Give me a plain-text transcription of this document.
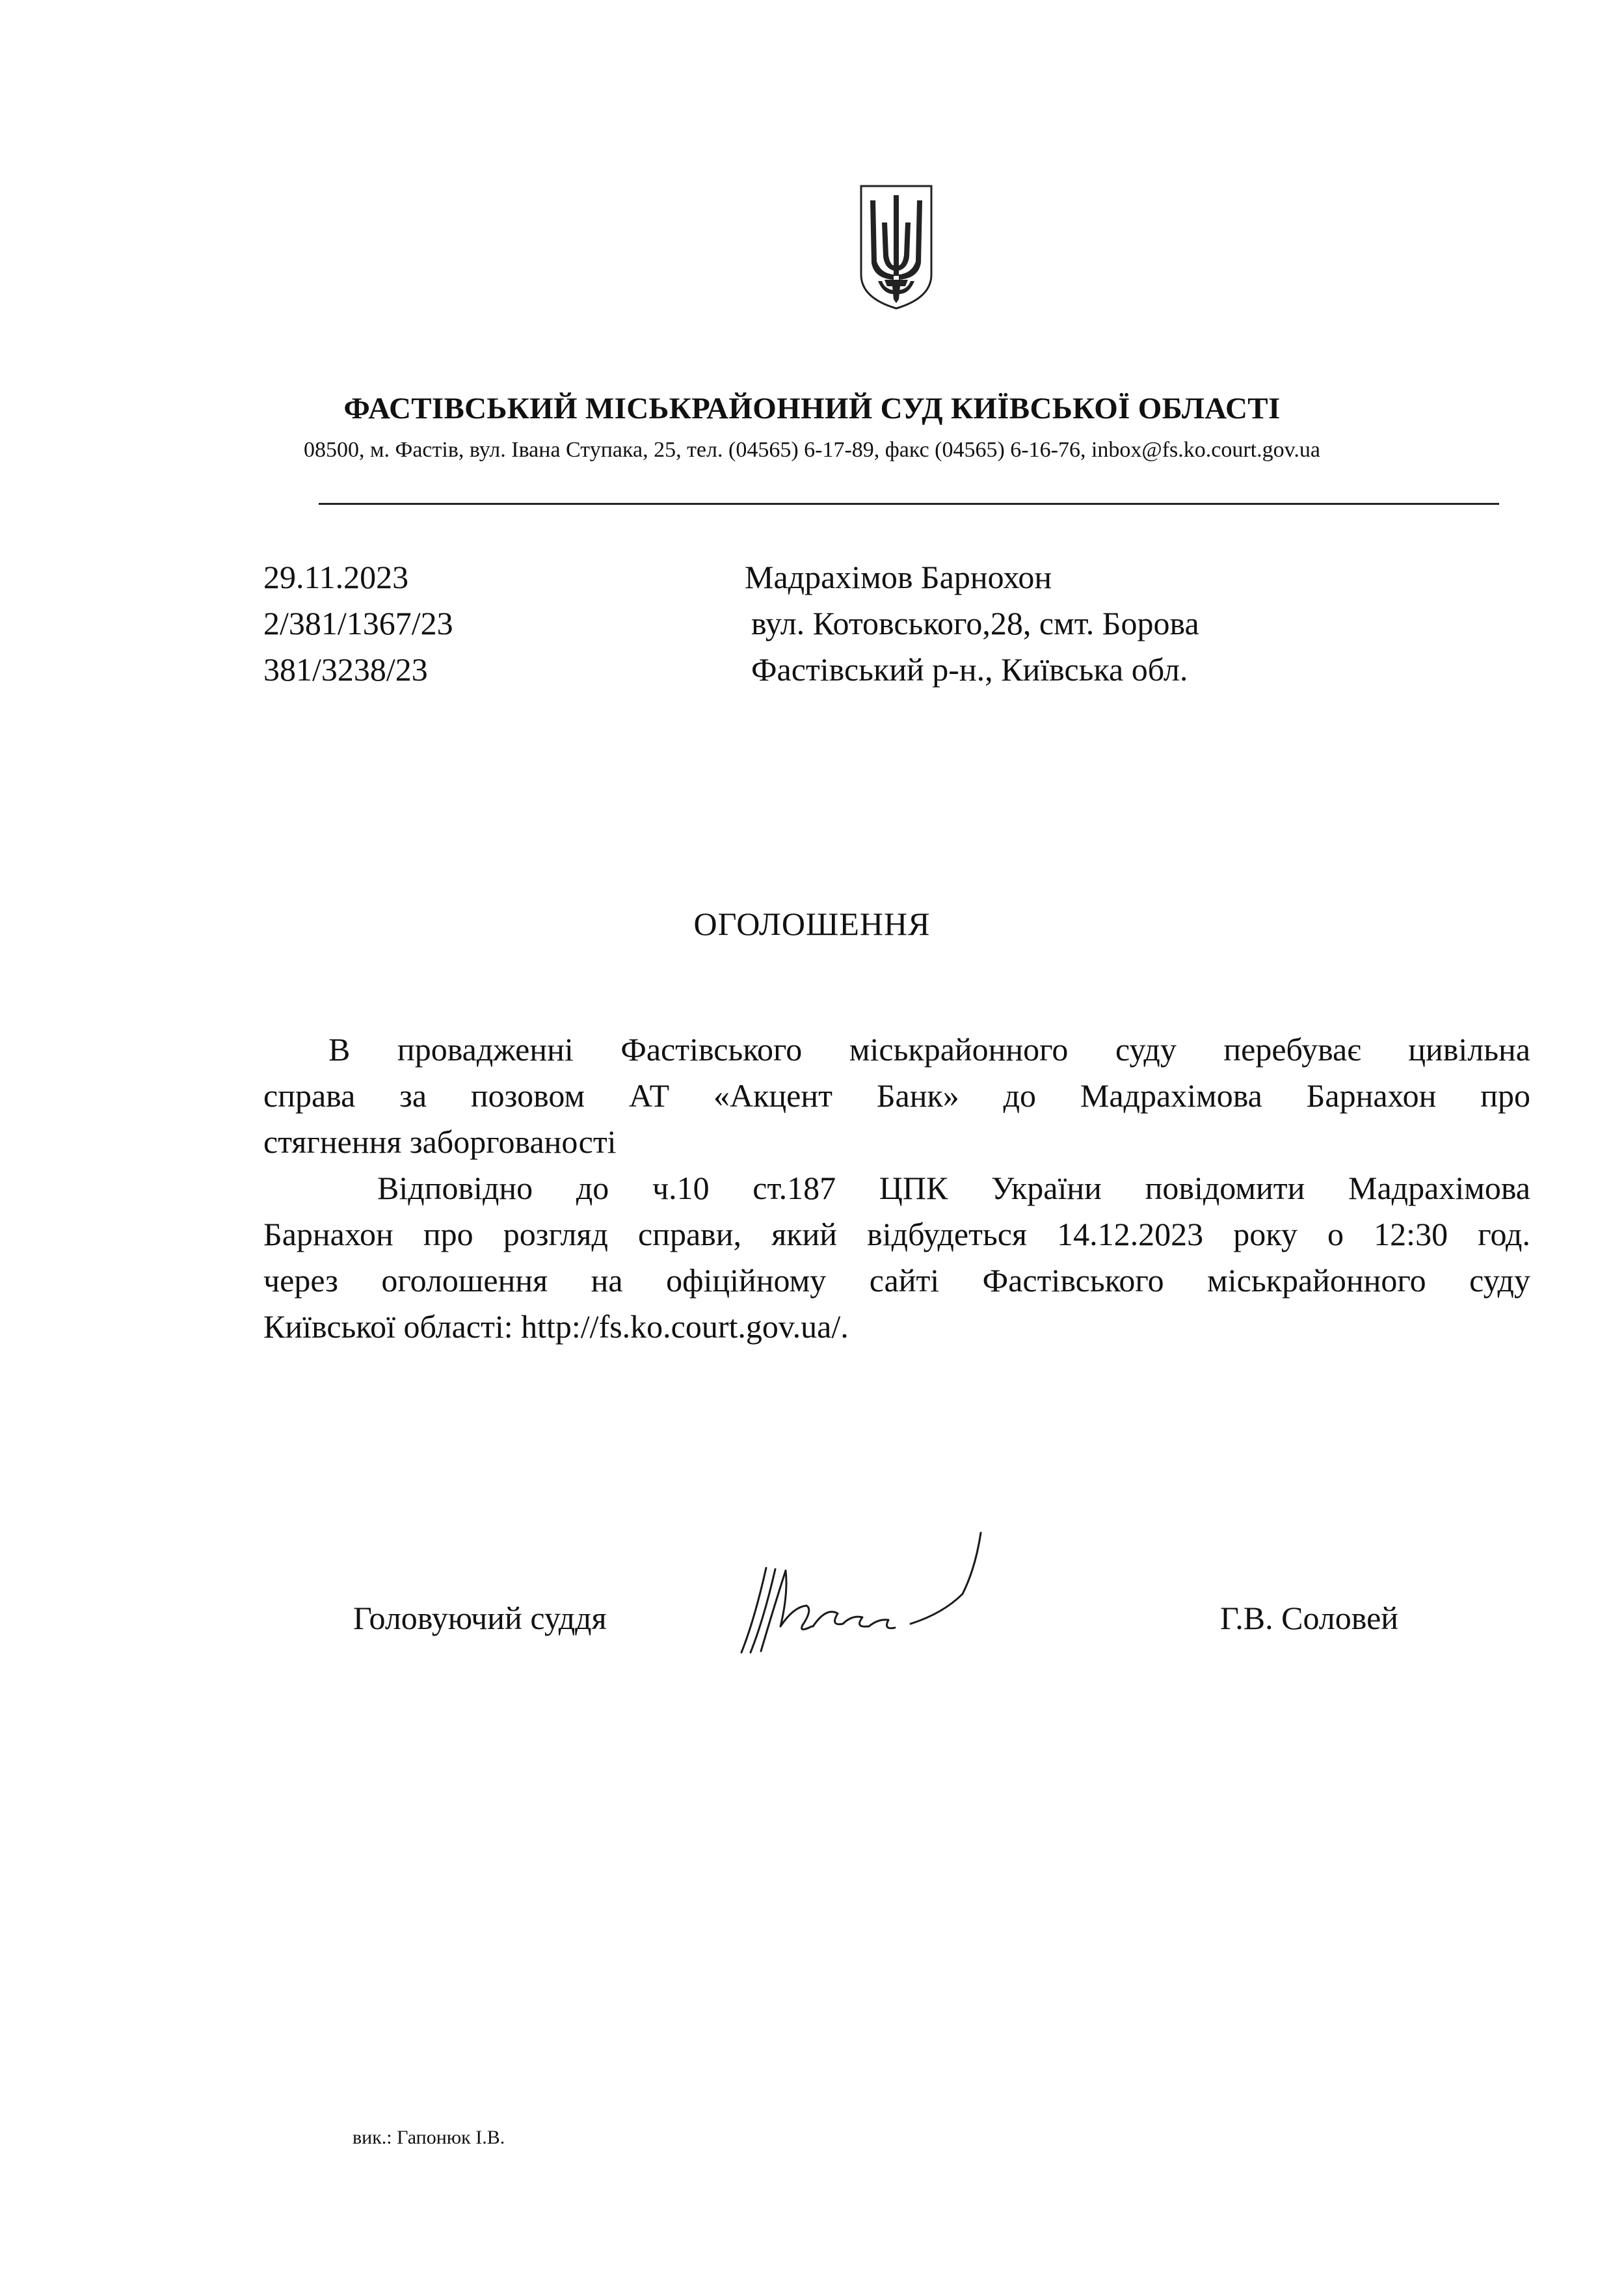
ФАСТІВСЬКИЙ МІСЬКРАЙОННИЙ СУД КИЇВСЬКОЇ ОБЛАСТІ
08500, м. Фастів, вул. Івана Ступака, 25, тел. (04565) 6-17-89, факс (04565) 6-16-76, inbox@fs.ko.court.gov.ua
29.11.2023
2/381/1367/23
381/3238/23
Мадрахімов Барнохон
вул. Котовського,28, смт. Борова
Фастівський р-н., Київська обл.
ОГОЛОШЕННЯ
В провадженні Фастівського міськрайонного суду перебуває цивільна
справа за позовом АТ «Акцент Банк» до Мадрахімова Барнахон про
стягнення заборгованості
Відповідно до ч.10 ст.187 ЦПК України повідомити Мадрахімова
Барнахон про розгляд справи, який відбудеться 14.12.2023 року о 12:30 год.
через оголошення на офіційному сайті Фастівського міськрайонного суду
Київської області: http://fs.ko.court.gov.ua/.
Головуючий суддя	Г.В. Соловей
вик.: Гапонюк І.В.
